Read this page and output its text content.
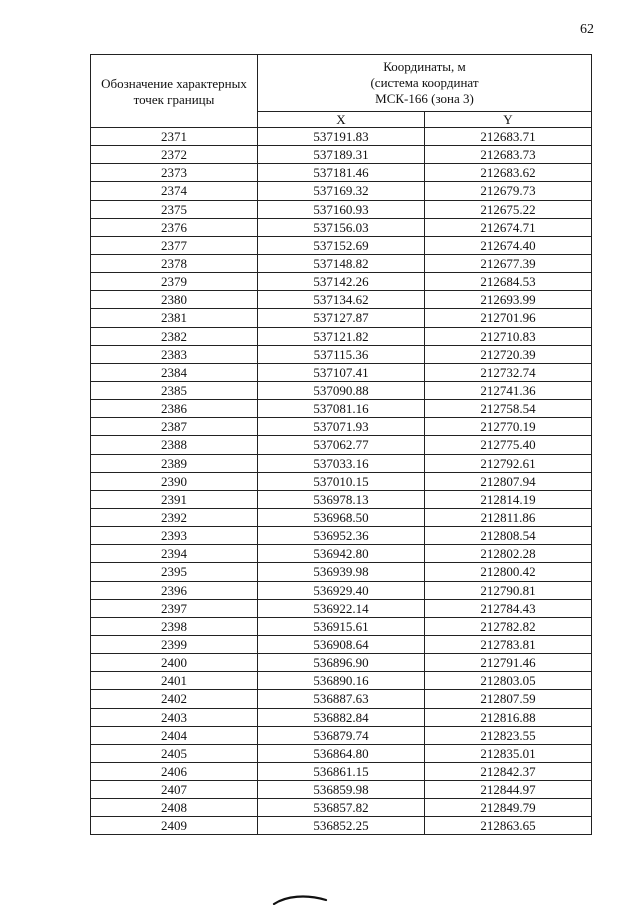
62
Обозначение характерных точек границы	Координаты, м
(система координат
МСК-166 (зона 3)	

	X	Y
2371	537191.83	212683.71
2372	537189.31	212683.73
2373	537181.46	212683.62
2374	537169.32	212679.73
2375	537160.93	212675.22
2376	537156.03	212674.71
2377	537152.69	212674.40
2378	537148.82	212677.39
2379	537142.26	212684.53
2380	537134.62	212693.99
2381	537127.87	212701.96
2382	537121.82	212710.83
2383	537115.36	212720.39
2384	537107.41	212732.74
2385	537090.88	212741.36
2386	537081.16	212758.54
2387	537071.93	212770.19
2388	537062.77	212775.40
2389	537033.16	212792.61
2390	537010.15	212807.94
2391	536978.13	212814.19
2392	536968.50	212811.86
2393	536952.36	212808.54
2394	536942.80	212802.28
2395	536939.98	212800.42
2396	536929.40	212790.81
2397	536922.14	212784.43
2398	536915.61	212782.82
2399	536908.64	212783.81
2400	536896.90	212791.46
2401	536890.16	212803.05
2402	536887.63	212807.59
2403	536882.84	212816.88
2404	536879.74	212823.55
2405	536864.80	212835.01
2406	536861.15	212842.37
2407	536859.98	212844.97
2408	536857.82	212849.79
2409	536852.25	212863.65
